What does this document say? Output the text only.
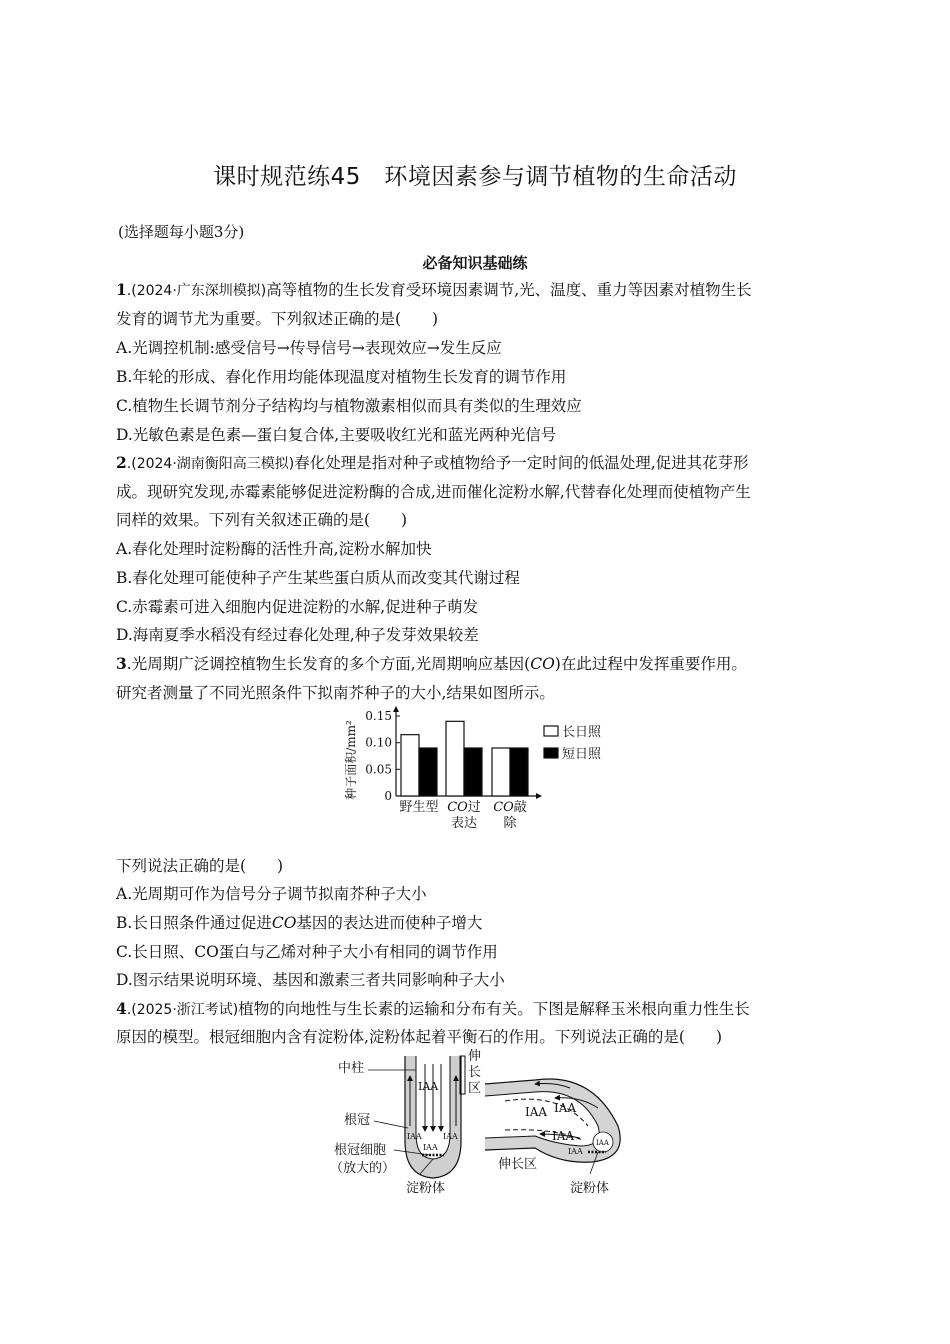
课时规范练45　环境因素参与调节植物的生命活动
(选择题每小题3分)
必备知识基础练
1.(2024·广东深圳模拟)高等植物的生长发育受环境因素调节,光、温度、重力等因素对植物生长
发育的调节尤为重要。下列叙述正确的是(　　)
A.光调控机制:感受信号→传导信号→表现效应→发生反应
B.年轮的形成、春化作用均能体现温度对植物生长发育的调节作用
C.植物生长调节剂分子结构均与植物激素相似而具有类似的生理效应
D.光敏色素是色素—蛋白复合体,主要吸收红光和蓝光两种光信号
2.(2024·湖南衡阳高三模拟)春化处理是指对种子或植物给予一定时间的低温处理,促进其花芽形
成。现研究发现,赤霉素能够促进淀粉酶的合成,进而催化淀粉水解,代替春化处理而使植物产生
同样的效果。下列有关叙述正确的是(　　)
A.春化处理时淀粉酶的活性升高,淀粉水解加快
B.春化处理可能使种子产生某些蛋白质从而改变其代谢过程
C.赤霉素可进入细胞内促进淀粉的水解,促进种子萌发
D.海南夏季水稻没有经过春化处理,种子发芽效果较差
3.光周期广泛调控植物生长发育的多个方面,光周期响应基因(CO)在此过程中发挥重要作用。
研究者测量了不同光照条件下拟南芥种子的大小,结果如图所示。
0
0.05
0.10
0.15
种子面积/mm²
野生型 CO过
表达
CO敲
除
长日照
短日照
下列说法正确的是(　　)
A.光周期可作为信号分子调节拟南芥种子大小
B.长日照条件通过促进CO基因的表达进而使种子增大
C.长日照、CO蛋白与乙烯对种子大小有相同的调节作用
D.图示结果说明环境、基因和激素三者共同影响种子大小
4.(2025·浙江考试)植物的向地性与生长素的运输和分布有关。下图是解释玉米根向重力性生长
原因的模型。根冠细胞内含有淀粉体,淀粉体起着平衡石的作用。下列说法正确的是(　　)
IAA
IAA	IAA
IAA
中柱
根冠
根冠细胞
（放大的）
淀粉体
伸
长
区
IAA
IAA
IAA	IAA
IAA
伸长区
淀粉体
